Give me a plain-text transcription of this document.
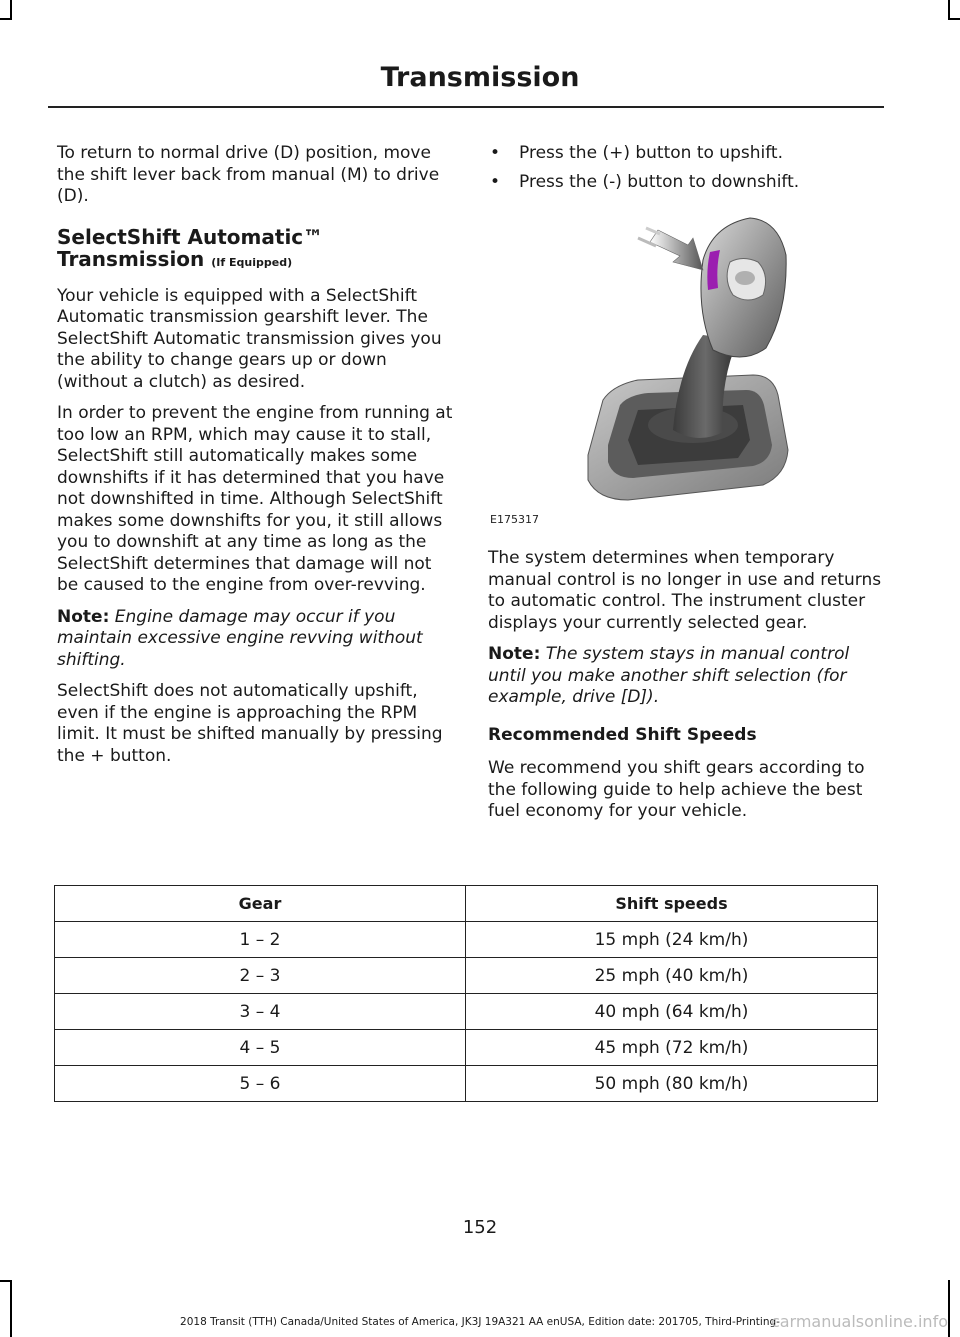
Transmission

To return to normal drive (D) position, move the shift lever back from manual (M) to drive (D).

SelectShift Automatic™ Transmission (If Equipped)

Your vehicle is equipped with a SelectShift Automatic transmission gearshift lever. The SelectShift Automatic transmission gives you the ability to change gears up or down (without a clutch) as desired.

In order to prevent the engine from running at too low an RPM, which may cause it to stall, SelectShift still automatically makes some downshifts if it has determined that you have not downshifted in time. Although SelectShift makes some downshifts for you, it still allows you to downshift at any time as long as the SelectShift determines that damage will not be caused to the engine from over-revving.

Note: Engine damage may occur if you maintain excessive engine revving without shifting.

SelectShift does not automatically upshift, even if the engine is approaching the RPM limit. It must be shifted manually by pressing the + button.

• Press the (+) button to upshift.
• Press the (-) button to downshift.
E175317

The system determines when temporary manual control is no longer in use and returns to automatic control. The instrument cluster displays your currently selected gear.

Note: The system stays in manual control until you make another shift selection (for example, drive [D]).

Recommended Shift Speeds

We recommend you shift gears according to the following guide to help achieve the best fuel economy for your vehicle.

Gear	Shift speeds
1 – 2	15 mph (24 km/h)
2 – 3	25 mph (40 km/h)
3 – 4	40 mph (64 km/h)
4 – 5	45 mph (72 km/h)
5 – 6	50 mph (80 km/h)
152
2018 Transit (TTH) Canada/United States of America, JK3J 19A321 AA enUSA, Edition date: 201705, Third-Printing-
carmanualsonline.info
